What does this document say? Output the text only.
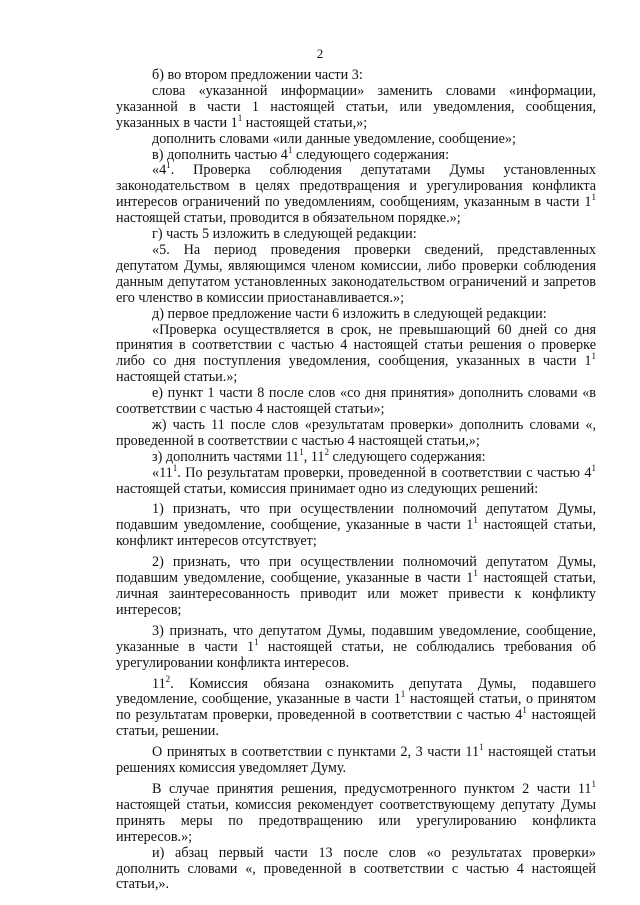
2

б) во втором предложении части 3:

слова «указанной информации» заменить словами «информации, указанной в части 1 настоящей статьи, или уведомления, сообщения, указанных в части $1^1$ настоящей статьи,»;

дополнить словами «или данные уведомление, сообщение»;

в) дополнить частью $4^1$ следующего содержания:

«$4^1$. Проверка соблюдения депутатами Думы установленных законодательством в целях предотвращения и урегулирования конфликта интересов ограничений по уведомлениям, сообщениям, указанным в части $1^1$ настоящей статьи, проводится в обязательном порядке.»;

г) часть 5 изложить в следующей редакции:

«5. На период проведения проверки сведений, представленных депутатом Думы, являющимся членом комиссии, либо проверки соблюдения данным депутатом установленных законодательством ограничений и запретов его членство в комиссии приостанавливается.»;

д) первое предложение части 6 изложить в следующей редакции:

«Проверка осуществляется в срок, не превышающий 60 дней со дня принятия в соответствии с частью 4 настоящей статьи решения о проверке либо со дня поступления уведомления, сообщения, указанных в части $1^1$ настоящей статьи.»;

е) пункт 1 части 8 после слов «со дня принятия» дополнить словами «в соответствии с частью 4 настоящей статьи»;

ж) часть 11 после слов «результатам проверки» дополнить словами «, проведенной в соответствии с частью 4 настоящей статьи,»;

з) дополнить частями $11^1$, $11^2$ следующего содержания:

«$11^1$. По результатам проверки, проведенной в соответствии с частью $4^1$ настоящей статьи, комиссия принимает одно из следующих решений:

1) признать, что при осуществлении полномочий депутатом Думы, подавшим уведомление, сообщение, указанные в части $1^1$ настоящей статьи, конфликт интересов отсутствует;

2) признать, что при осуществлении полномочий депутатом Думы, подавшим уведомление, сообщение, указанные в части $1^1$ настоящей статьи, личная заинтересованность приводит или может привести к конфликту интересов;

3) признать, что депутатом Думы, подавшим уведомление, сообщение, указанные в части $1^1$ настоящей статьи, не соблюдались требования об урегулировании конфликта интересов.

$11^2$. Комиссия обязана ознакомить депутата Думы, подавшего уведомление, сообщение, указанные в части $1^1$ настоящей статьи, о принятом по результатам проверки, проведенной в соответствии с частью $4^1$ настоящей статьи, решении.

О принятых в соответствии с пунктами 2, 3 части $11^1$ настоящей статьи решениях комиссия уведомляет Думу.

В случае принятия решения, предусмотренного пунктом 2 части $11^1$ настоящей статьи, комиссия рекомендует соответствующему депутату Думы принять меры по предотвращению или урегулированию конфликта интересов.»;

и) абзац первый части 13 после слов «о результатах проверки» дополнить словами «, проведенной в соответствии с частью 4 настоящей статьи,».
